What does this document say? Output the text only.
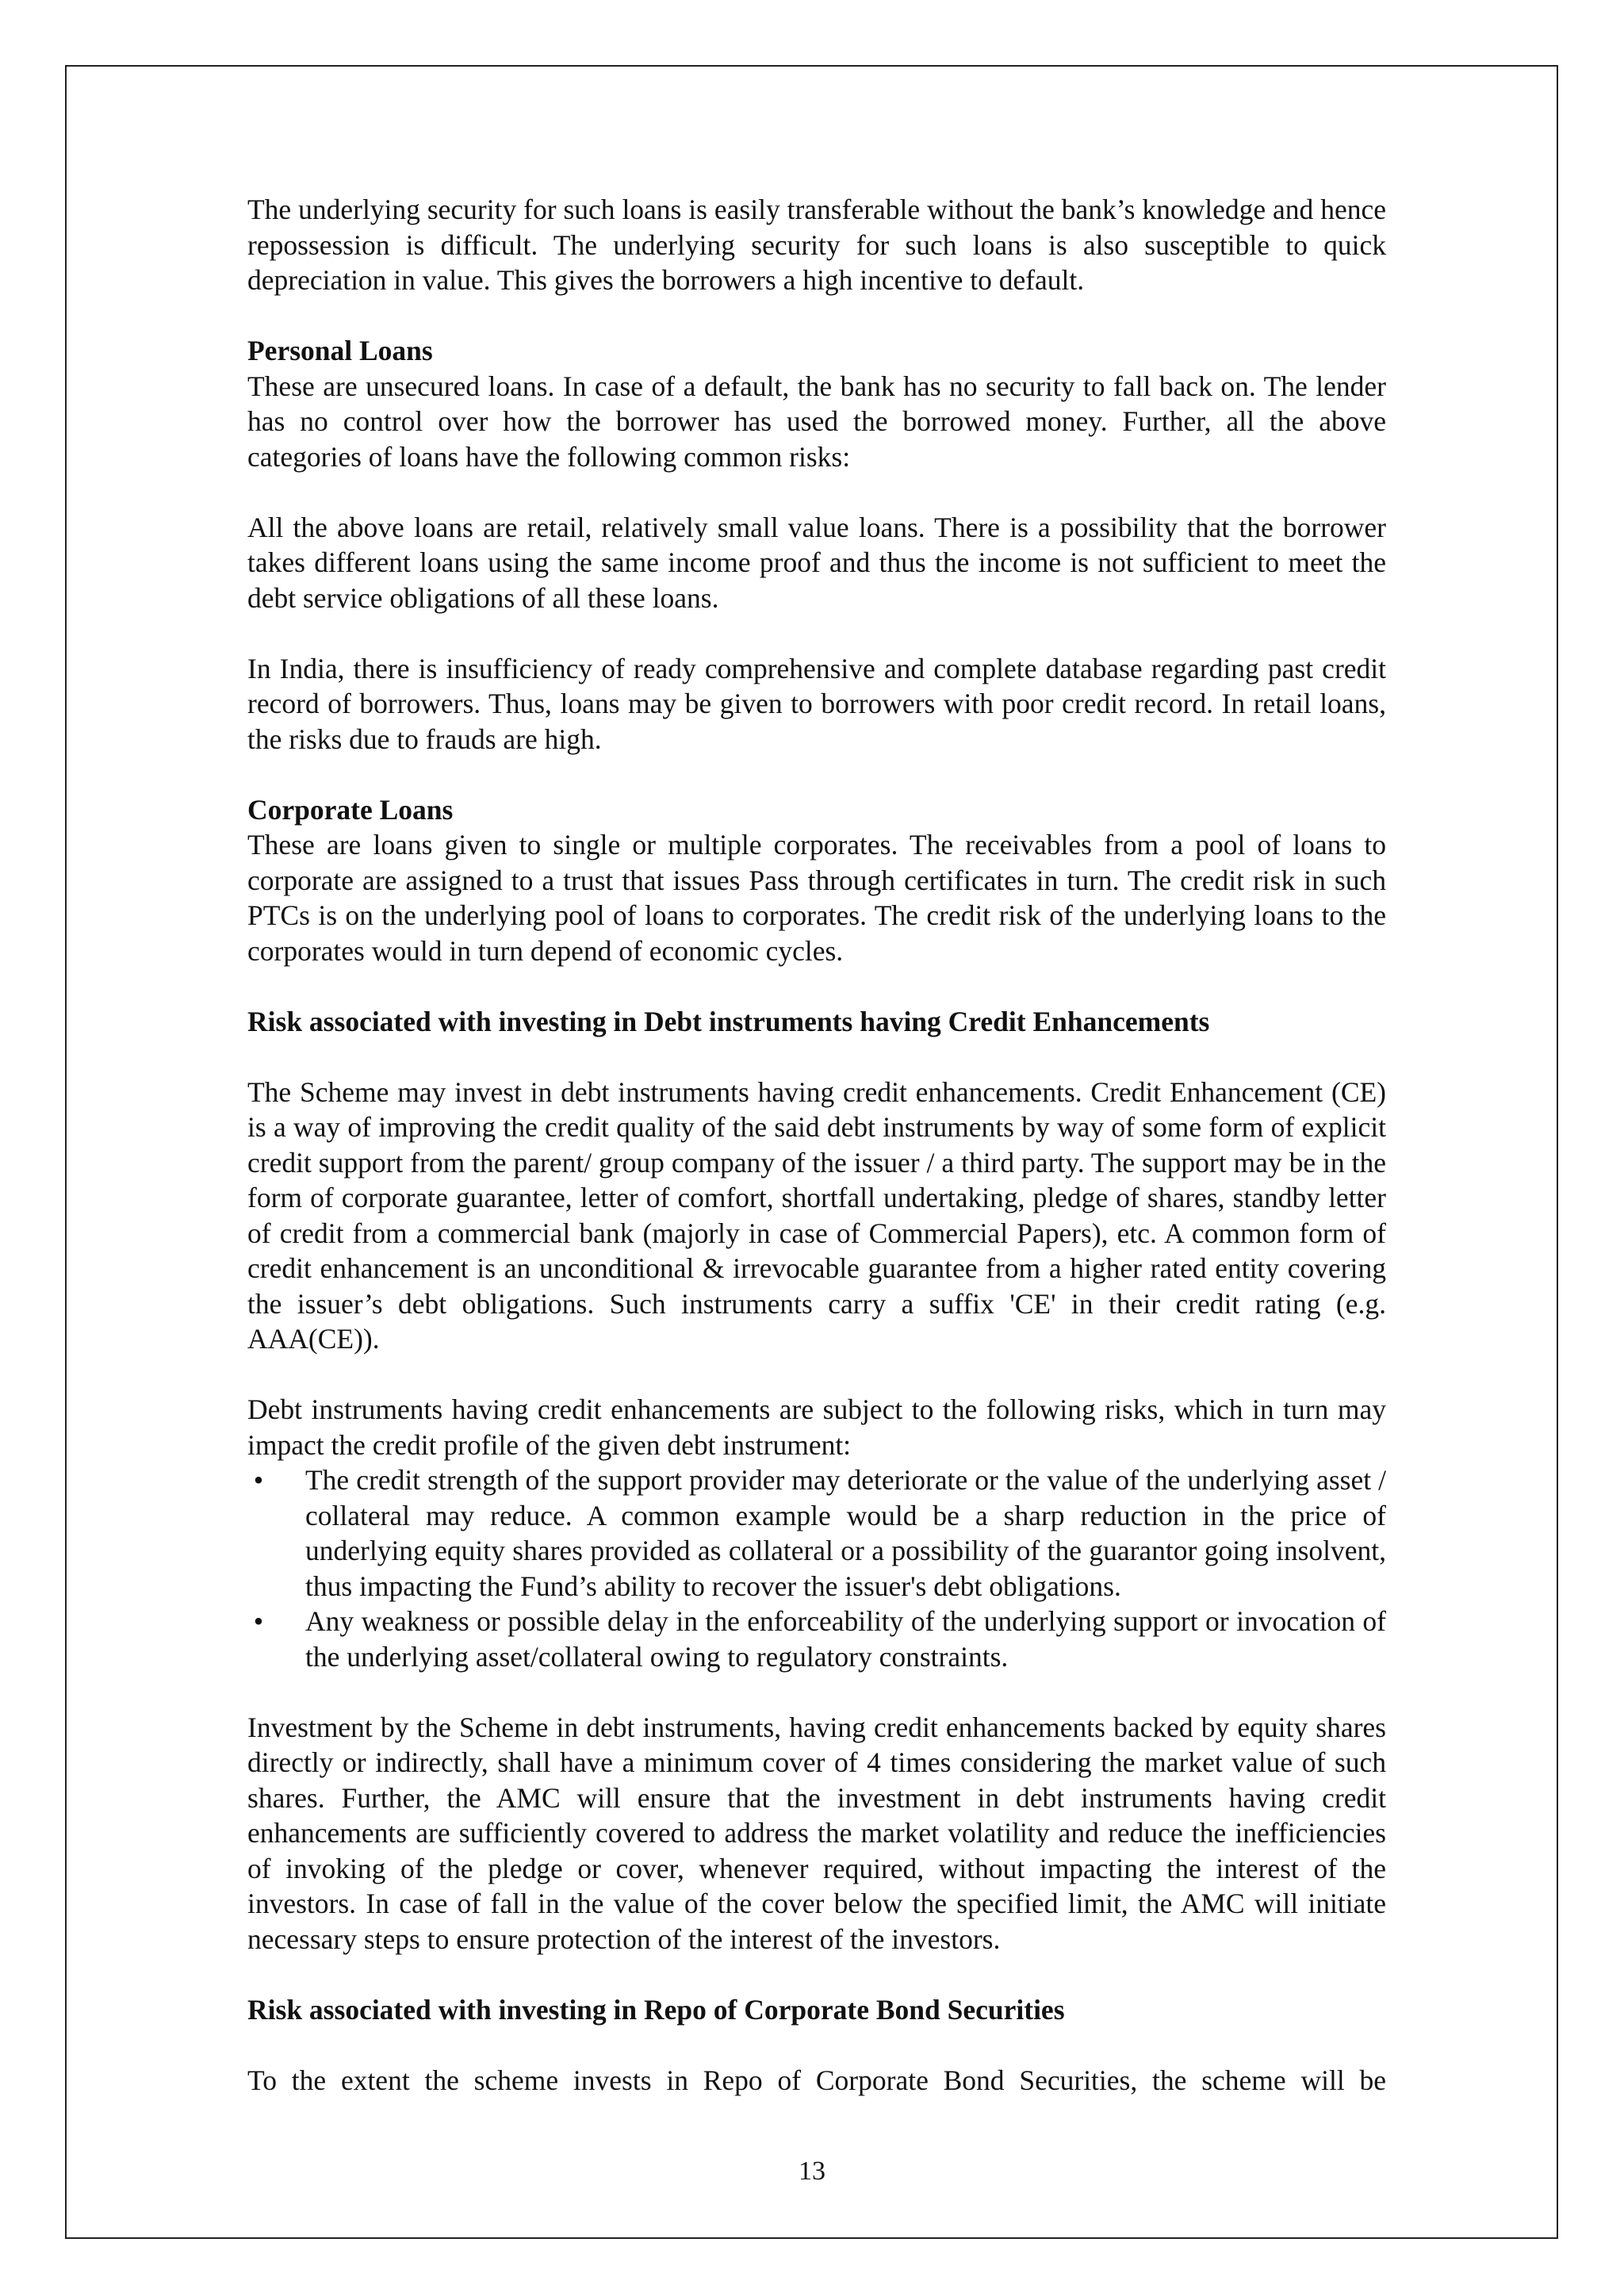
The underlying security for such loans is easily transferable without the bank’s knowledge and hence repossession is difficult. The underlying security for such loans is also susceptible to quick depreciation in value. This gives the borrowers a high incentive to default.

Personal Loans

These are unsecured loans. In case of a default, the bank has no security to fall back on. The lender has no control over how the borrower has used the borrowed money. Further, all the above categories of loans have the following common risks:

All the above loans are retail, relatively small value loans. There is a possibility that the borrower takes different loans using the same income proof and thus the income is not sufficient to meet the debt service obligations of all these loans.

In India, there is insufficiency of ready comprehensive and complete database regarding past credit record of borrowers. Thus, loans may be given to borrowers with poor credit record. In retail loans, the risks due to frauds are high.

Corporate Loans

These are loans given to single or multiple corporates. The receivables from a pool of loans to corporate are assigned to a trust that issues Pass through certificates in turn. The credit risk in such PTCs is on the underlying pool of loans to corporates. The credit risk of the underlying loans to the corporates would in turn depend of economic cycles.

Risk associated with investing in Debt instruments having Credit Enhancements

The Scheme may invest in debt instruments having credit enhancements. Credit Enhancement (CE) is a way of improving the credit quality of the said debt instruments by way of some form of explicit credit support from the parent/ group company of the issuer / a third party. The support may be in the form of corporate guarantee, letter of comfort, shortfall undertaking, pledge of shares, standby letter of credit from a commercial bank (majorly in case of Commercial Papers), etc. A common form of credit enhancement is an unconditional & irrevocable guarantee from a higher rated entity covering the issuer’s debt obligations. Such instruments carry a suffix 'CE' in their credit rating (e.g. AAA(CE)).

Debt instruments having credit enhancements are subject to the following risks, which in turn may impact the credit profile of the given debt instrument:

• The credit strength of the support provider may deteriorate or the value of the underlying asset / collateral may reduce. A common example would be a sharp reduction in the price of underlying equity shares provided as collateral or a possibility of the guarantor going insolvent, thus impacting the Fund’s ability to recover the issuer's debt obligations.
• Any weakness or possible delay in the enforceability of the underlying support or invocation of the underlying asset/collateral owing to regulatory constraints.

Investment by the Scheme in debt instruments, having credit enhancements backed by equity shares directly or indirectly, shall have a minimum cover of 4 times considering the market value of such shares. Further, the AMC will ensure that the investment in debt instruments having credit enhancements are sufficiently covered to address the market volatility and reduce the inefficiencies of invoking of the pledge or cover, whenever required, without impacting the interest of the investors. In case of fall in the value of the cover below the specified limit, the AMC will initiate necessary steps to ensure protection of the interest of the investors.

Risk associated with investing in Repo of Corporate Bond Securities

To the extent the scheme invests in Repo of Corporate Bond Securities, the scheme will be

13
